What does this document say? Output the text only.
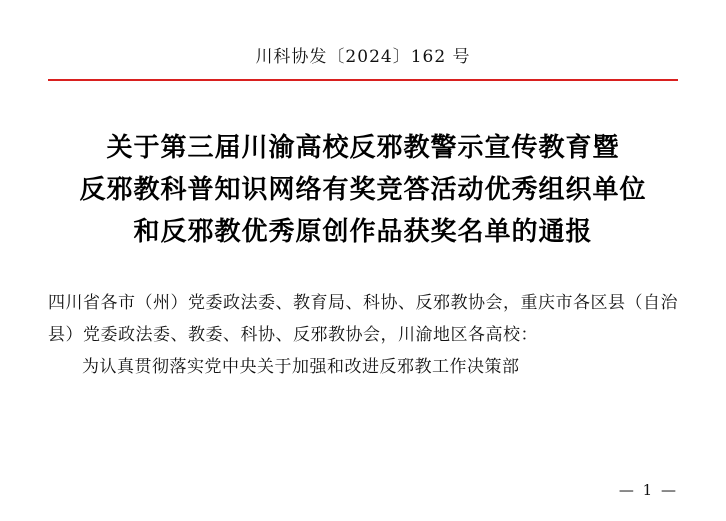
川科协发〔2024〕162 号
关于第三届川渝高校反邪教警示宣传教育暨
反邪教科普知识网络有奖竞答活动优秀组织单位
和反邪教优秀原创作品获奖名单的通报

四川省各市（州）党委政法委、教育局、科协、反邪教协会，重庆市各区县（自治县）党委政法委、教委、科协、反邪教协会，川渝地区各高校：

为认真贯彻落实党中央关于加强和改进反邪教工作决策部

— 1 —
